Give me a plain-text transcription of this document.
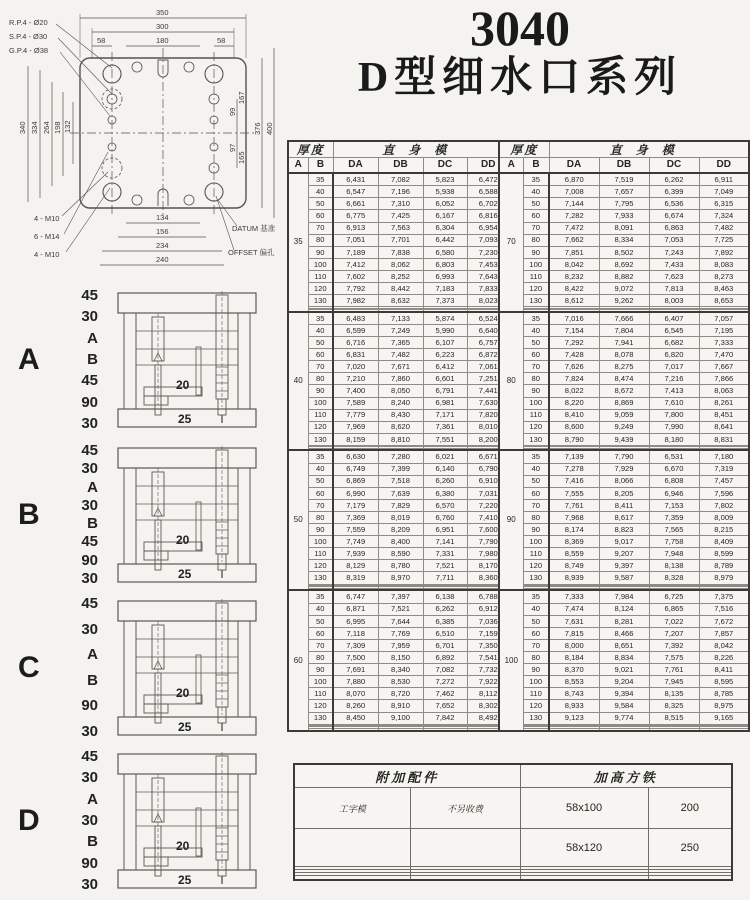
R.P.4 - Ø20
S.P.4 - Ø30
G.P.4 - Ø38
350
300
58	180	58
340 334 264 198 132
167
99
97
165
376 400
134
156
234
240
4 - M10
6 - M14
4 - M10
DATUM 基准
OFFSET 偏孔
3040
D型细水口系列
厚度		直身模			
A	B	DA	DB	DC	DD
35	35	6,431	7,082	5,823	6,472
	40	6,547	7,196	5,938	6,588
	50	6,661	7,310	6,052	6,702
	60	6,775	7,425	6,167	6,816
	70	6,913	7,563	6,304	6,954
	80	7,051	7,701	6,442	7,093
	90	7,189	7,838	6,580	7,230
	100	7,412	8,062	6,803	7,453
	110	7,602	8,252	6,993	7,643
	120	7,792	8,442	7,183	7,833
	130	7,982	8,632	7,373	8,023

40	35	6,483	7,133	5,874	6,524
	40	6,599	7,249	5,990	6,640
	50	6,716	7,365	6,107	6,757
	60	6,831	7,482	6,223	6,872
	70	7,020	7,671	6,412	7,061
	80	7,210	7,860	6,601	7,251
	90	7,400	8,050	6,791	7,441
	100	7,589	8,240	6,981	7,630
	110	7,779	8,430	7,171	7,820
	120	7,969	8,620	7,361	8,010
	130	8,159	8,810	7,551	8,200

50	35	6,630	7,280	6,021	6,671
	40	6,749	7,399	6,140	6,790
	50	6,869	7,518	6,260	6,910
	60	6,990	7,639	6,380	7,031
	70	7,179	7,829	6,570	7,220
	80	7,369	8,019	6,760	7,410
	90	7,559	8,209	6,951	7,600
	100	7,749	8,400	7,141	7,790
	110	7,939	8,590	7,331	7,980
	120	8,129	8,780	7,521	8,170
	130	8,319	8,970	7,711	8,360

60	35	6,747	7,397	6,138	6,788
	40	6,871	7,521	6,262	6,912
	50	6,995	7,644	6,385	7,036
	60	7,118	7,769	6,510	7,159
	70	7,309	7,959	6,701	7,350
	80	7,500	8,150	6,892	7,541
	90	7,691	8,340	7,082	7,732
	100	7,880	8,530	7,272	7,922
	110	8,070	8,720	7,462	8,112
	120	8,260	8,910	7,652	8,302
	130	8,450	9,100	7,842	8,492

厚度		直身模			
A	B	DA	DB	DC	DD
70	35	6,870	7,519	6,262	6,911
	40	7,008	7,657	6,399	7,049
	50	7,144	7,795	6,536	6,315
	60	7,282	7,933	6,674	7,324
	70	7,472	8,091	6,863	7,482
	80	7,662	8,334	7,053	7,725
	90	7,851	8,502	7,243	7,892
	100	8,042	8,692	7,433	8,083
	110	8,232	8,882	7,623	8,273
	120	8,422	9,072	7,813	8,463
	130	8,612	9,262	8,003	8,653

80	35	7,016	7,666	6,407	7,057
	40	7,154	7,804	6,545	7,195
	50	7,292	7,941	6,682	7,333
	60	7,428	8,078	6,820	7,470
	70	7,626	8,275	7,017	7,667
	80	7,824	8,474	7,216	7,866
	90	8,022	8,672	7,413	8,063
	100	8,220	8,869	7,610	8,261
	110	8,410	9,059	7,800	8,451
	120	8,600	9,249	7,990	8,641
	130	8,790	9,439	8,180	8,831

90	35	7,139	7,790	6,531	7,180
	40	7,278	7,929	6,670	7,319
	50	7,416	8,066	6,808	7,457
	60	7,555	8,205	6,946	7,596
	70	7,761	8,411	7,153	7,802
	80	7,968	8,617	7,359	8,009
	90	8,174	8,823	7,565	8,215
	100	8,369	9,017	7,758	8,409
	110	8,559	9,207	7,948	8,599
	120	8,749	9,397	8,138	8,789
	130	8,939	9,587	8,328	8,979

100	35	7,333	7,984	6,725	7,375
	40	7,474	8,124	6,865	7,516
	50	7,631	8,281	7,022	7,672
	60	7,815	8,466	7,207	7,857
	70	8,000	8,651	7,392	8,042
	80	8,184	8,834	7,575	8,226
	90	8,370	9,021	7,761	8,411
	100	8,553	9,204	7,945	8,595
	110	8,743	9,394	8,135	8,785
	120	8,933	9,584	8,325	8,975
	130	9,123	9,774	8,515	9,165

A
45
30
A
B
45
90
30
20
25
B
45
30
A
30
B
45
90
30
20
25
C
45
30
A
B
90
30
20
25
D
45
30
A
30
B
90
30
20
25
附加配件		加高方铁	
工字模	不另收费	58x100	200
		58x120	250
